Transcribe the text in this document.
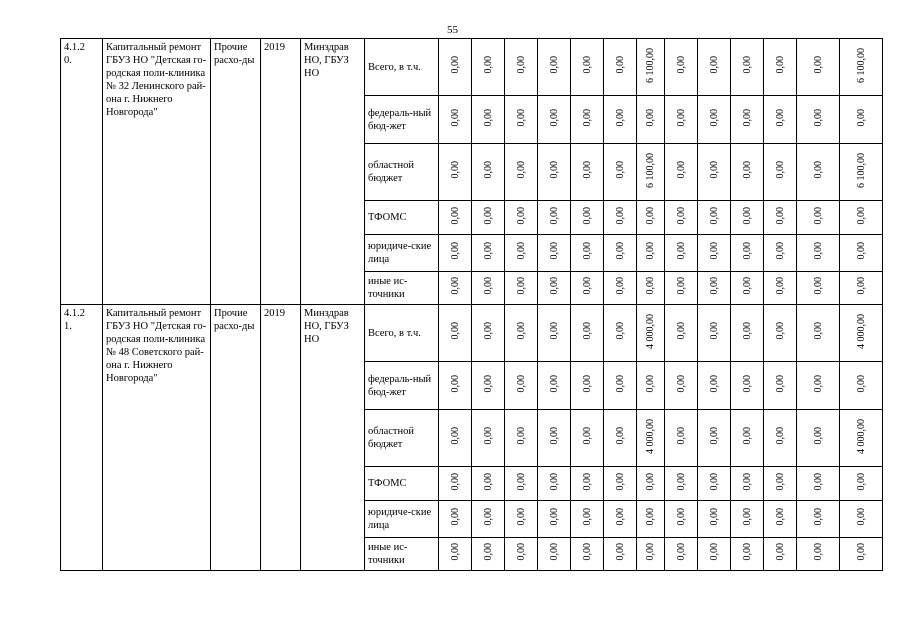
55
4.1.2
0.	Капитальный ремонт ГБУЗ НО "Детская го-родская поли-клиника № 32 Ленинского рай-она г. Нижнего Новгорода"	Прочие расхо-ды	2019	Минздрав НО, ГБУЗ НО	Всего, в т.ч.	0,00	0,00	0,00	0,00	0,00	0,00	6 100,00	0,00	0,00	0,00	0,00	0,00	6 100,00
					федераль-ный бюд-жет	0,00	0,00	0,00	0,00	0,00	0,00	0,00	0,00	0,00	0,00	0,00	0,00	0,00
					областной бюджет	0,00	0,00	0,00	0,00	0,00	0,00	6 100,00	0,00	0,00	0,00	0,00	0,00	6 100,00
					ТФОМС	0,00	0,00	0,00	0,00	0,00	0,00	0,00	0,00	0,00	0,00	0,00	0,00	0,00
					юридиче-ские лица	0,00	0,00	0,00	0,00	0,00	0,00	0,00	0,00	0,00	0,00	0,00	0,00	0,00
					иные ис-точники	0,00	0,00	0,00	0,00	0,00	0,00	0,00	0,00	0,00	0,00	0,00	0,00	0,00
4.1.2
1.	Капитальный ремонт ГБУЗ НО "Детская го-родская поли-клиника № 48 Советского рай-она г. Нижнего Новгорода"	Прочие расхо-ды	2019	Минздрав НО, ГБУЗ НО	Всего, в т.ч.	0,00	0,00	0,00	0,00	0,00	0,00	4 000,00	0,00	0,00	0,00	0,00	0,00	4 000,00
					федераль-ный бюд-жет	0,00	0,00	0,00	0,00	0,00	0,00	0,00	0,00	0,00	0,00	0,00	0,00	0,00
					областной бюджет	0,00	0,00	0,00	0,00	0,00	0,00	4 000,00	0,00	0,00	0,00	0,00	0,00	4 000,00
					ТФОМС	0,00	0,00	0,00	0,00	0,00	0,00	0,00	0,00	0,00	0,00	0,00	0,00	0,00
					юридиче-ские лица	0,00	0,00	0,00	0,00	0,00	0,00	0,00	0,00	0,00	0,00	0,00	0,00	0,00
					иные ис-точники	0,00	0,00	0,00	0,00	0,00	0,00	0,00	0,00	0,00	0,00	0,00	0,00	0,00
